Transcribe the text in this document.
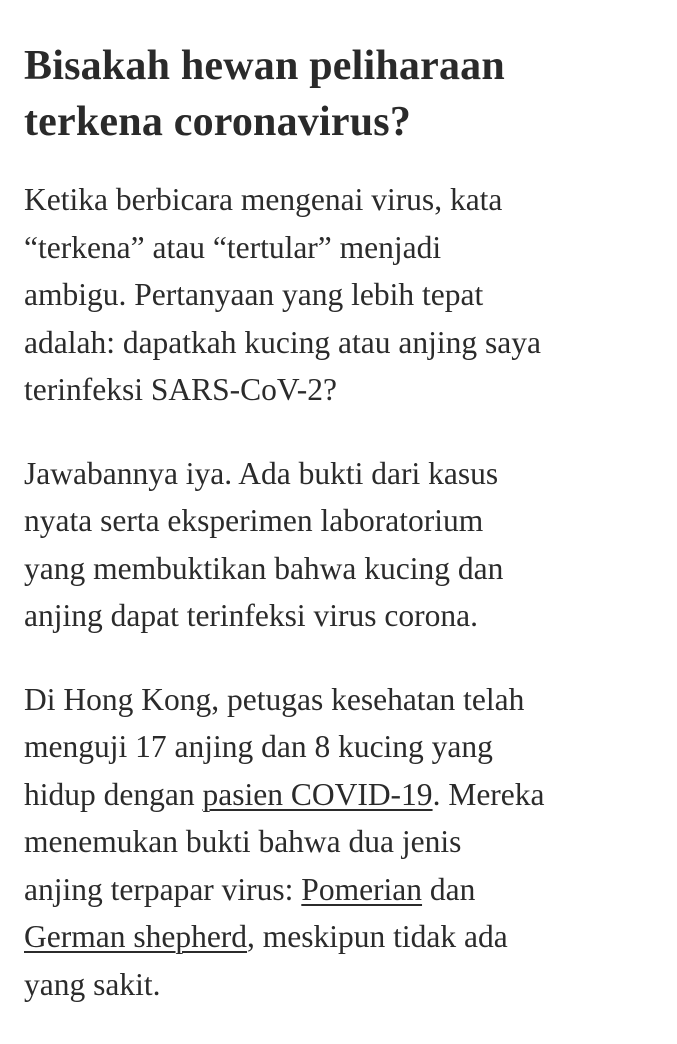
Bisakah hewan peliharaan
terkena coronavirus?

Ketika berbicara mengenai virus, kata
“terkena” atau “tertular” menjadi
ambigu. Pertanyaan yang lebih tepat
adalah: dapatkah kucing atau anjing saya
terinfeksi SARS-CoV-2?

Jawabannya iya. Ada bukti dari kasus
nyata serta eksperimen laboratorium
yang membuktikan bahwa kucing dan
anjing dapat terinfeksi virus corona.

Di Hong Kong, petugas kesehatan telah
menguji 17 anjing dan 8 kucing yang
hidup dengan pasien COVID-19. Mereka
menemukan bukti bahwa dua jenis
anjing terpapar virus: Pomerian dan
German shepherd, meskipun tidak ada
yang sakit.
